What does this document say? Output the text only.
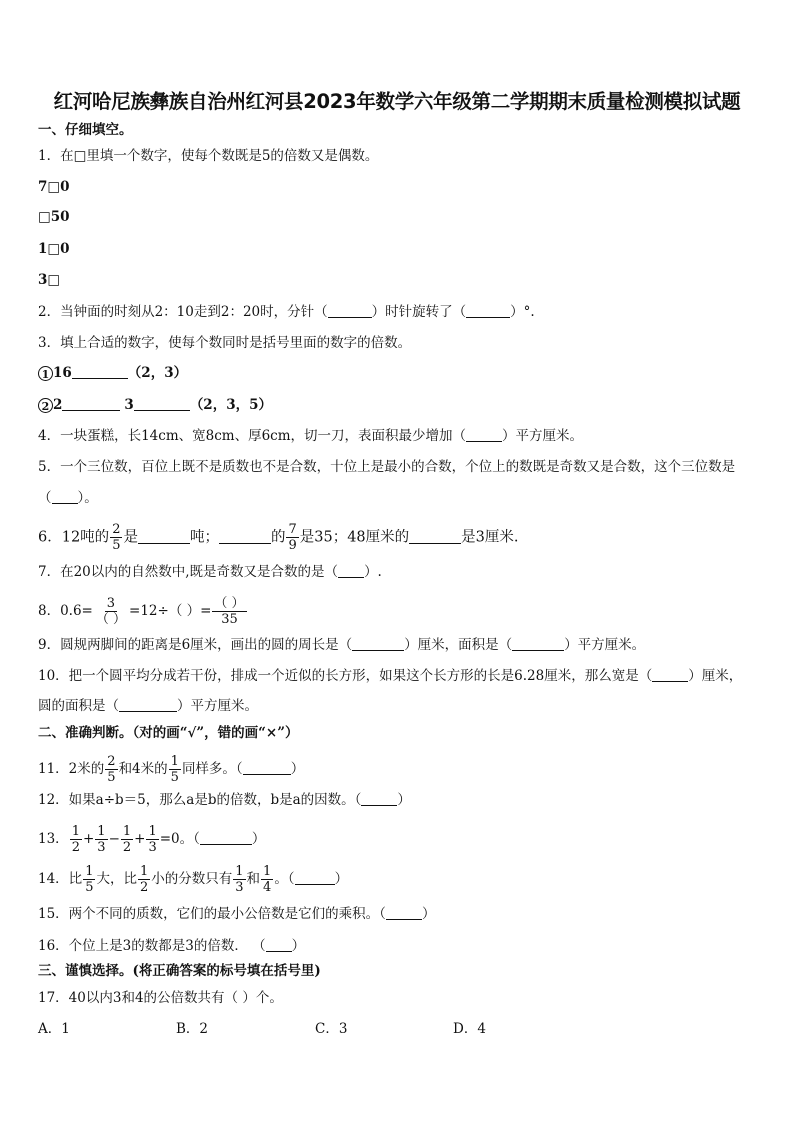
红河哈尼族彝族自治州红河县2023年数学六年级第二学期期末质量检测模拟试题
一、仔细填空。
1．在□里填一个数字，使每个数既是5的倍数又是偶数。
7□0
□50
1□0
3□
2．当钟面的时刻从2：10走到2：20时，分针（	）时针旋转了（	）°.
3．填上合适的数字，使每个数同时是括号里面的数字的倍数。
1 16	（2，3）
2 2	3	（2，3，5）
4．一块蛋糕，长14cm、宽8cm、厚6cm，切一刀，表面积最少增加（	）平方厘米。
5．一个三位数，百位上既不是质数也不是合数，十位上是最小的合数，个位上的数既是奇数又是合数，这个三位数是
（ ）。
6．12吨的 $\frac{2}{5}$ 是	吨；	的 $\frac{7}{9}$ 是35；48厘米的	是3厘米.
7．在20以内的自然数中,既是奇数又是合数的是（ ）.
8．$0.6= \frac{3}{( )} =12\div$（ ）= $\frac{( )}{35}$
9．圆规两脚间的距离是6厘米，画出的圆的周长是（	）厘米，面积是（	）平方厘米。
10．把一个圆平均分成若干份，排成一个近似的长方形，如果这个长方形的长是6.28厘米，那么宽是（	）厘米，
圆的面积是（	）平方厘米。
二、准确判断。（对的画“√”，错的画“×”）
11．2米的 $\frac{2}{5}$ 和4米的 $\frac{1}{5}$ 同样多。（	）
12．如果a÷b＝5，那么a是b的倍数，b是a的因数。（	）
13． $\frac{1}{2} + \frac{1}{3} - \frac{1}{2} + \frac{1}{3} =0$。（	）
14．比 $\frac{1}{5}$ 大，比 $\frac{1}{2}$ 小的分数只有 $\frac{1}{3}$ 和 $\frac{1}{4}$ 。（	）
15．两个不同的质数，它们的最小公倍数是它们的乘积。（	）
16．个位上是3的数都是3的倍数． （ ）
三、谨慎选择。(将正确答案的标号填在括号里)
17．40以内3和4的公倍数共有（ ）个。
A．1	B．2	C．3	D．4
